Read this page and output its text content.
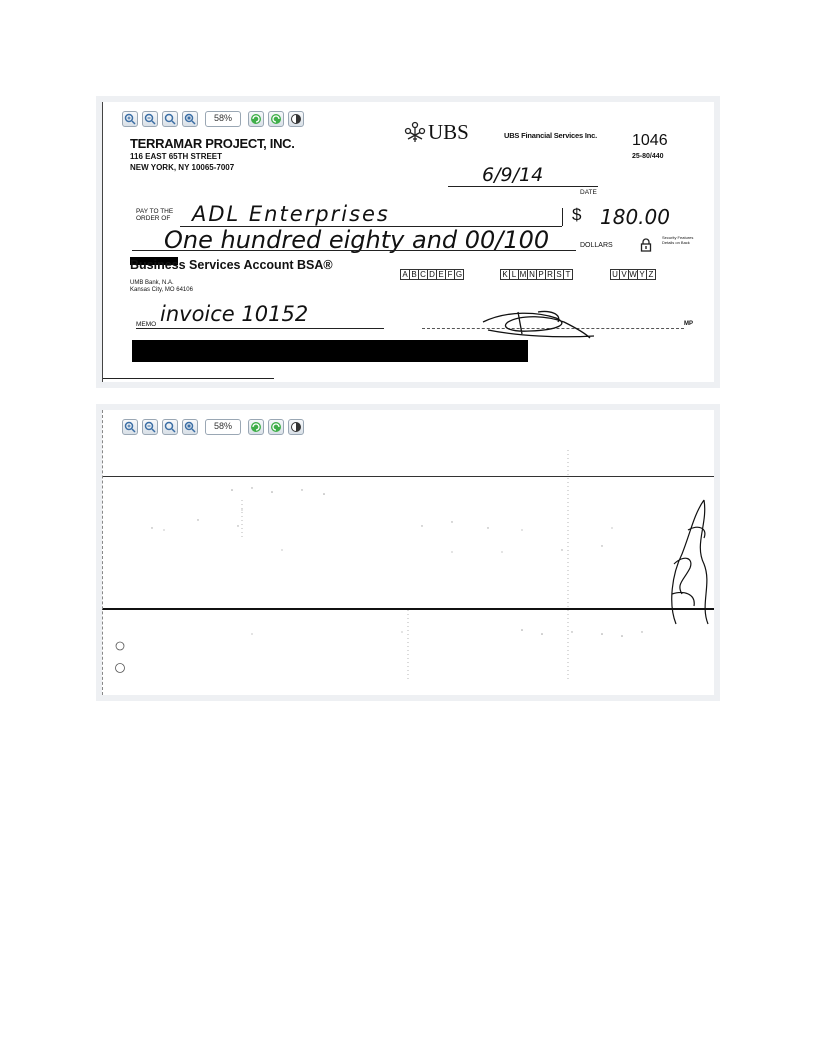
58%
TERRAMAR PROJECT, INC.
116 EAST 65TH STREET
NEW YORK, NY 10065-7007
UBS	UBS Financial Services Inc. 1046
25-80/440
6/9/14
DATE
PAY TO THE
ORDER OF ADL Enterprises	$ 180.00
One hundred eighty and 00/100	DOLLARS
Security Features Details on Back
Business Services Account BSA®
A B C D E F G	K L M N P R S T	U V W Y Z
UMB Bank, N.A.
Kansas City, MO 64106
MEMO invoice 10152	MP
58%
